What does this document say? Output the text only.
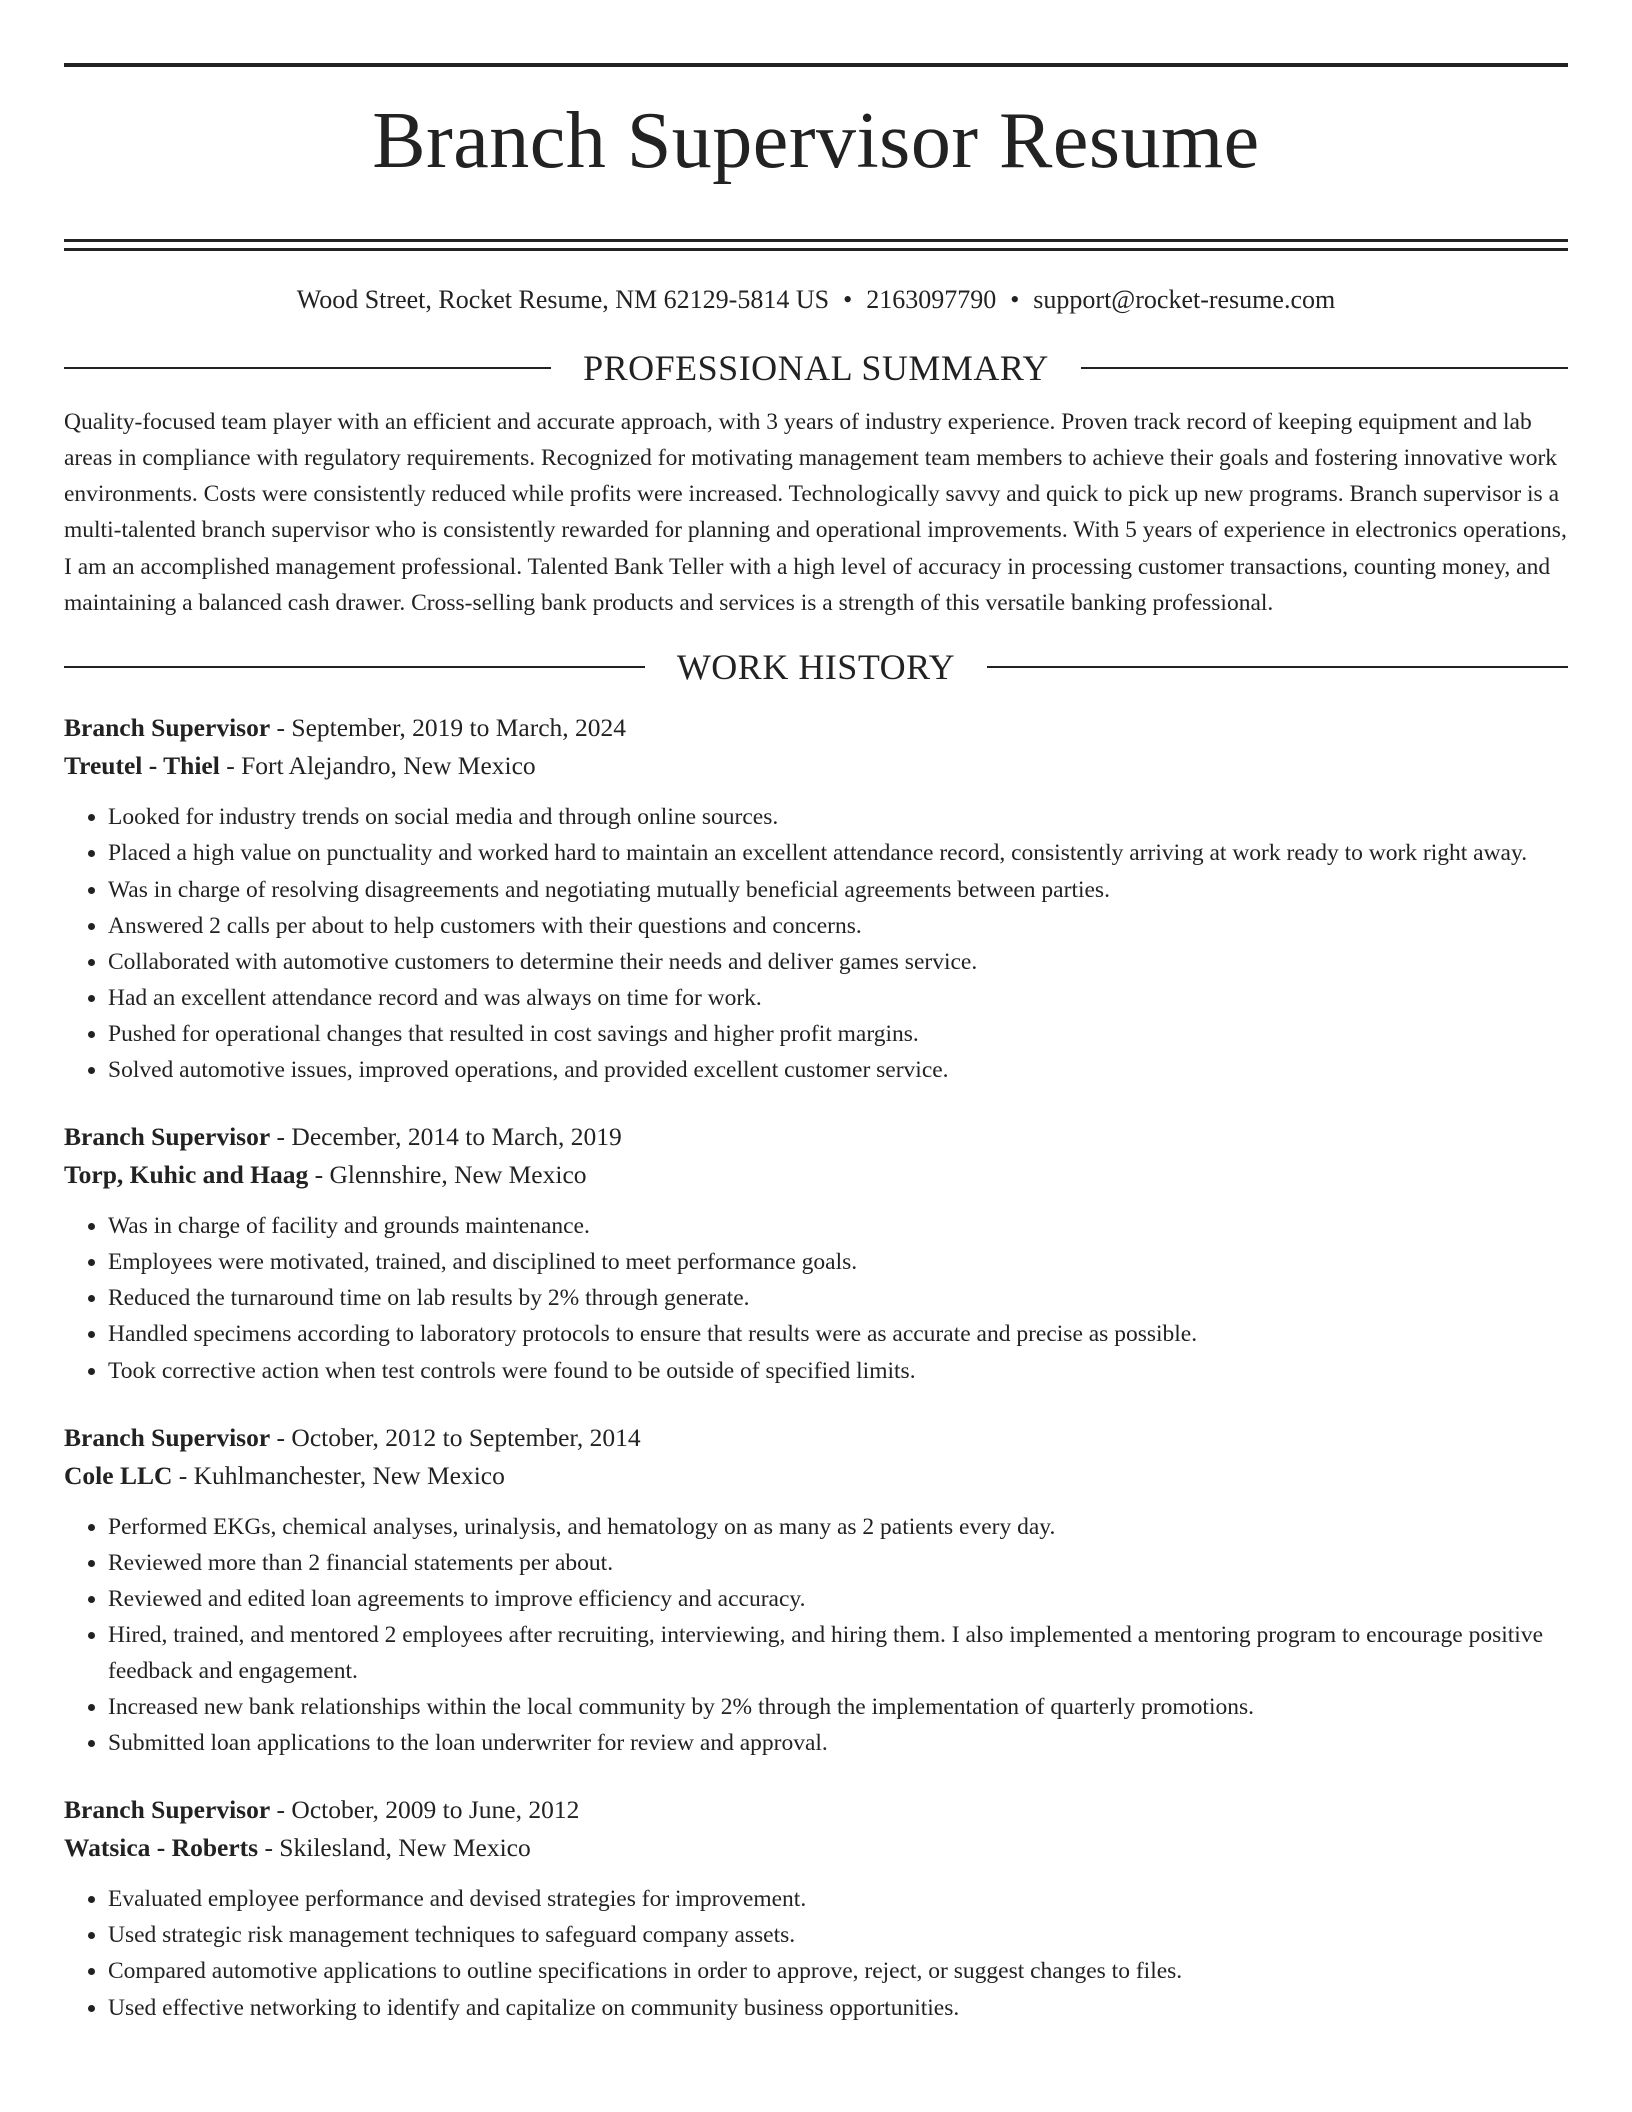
Branch Supervisor Resume
Wood Street, Rocket Resume, NM 62129-5814 US • 2163097790 • support@rocket-resume.com
PROFESSIONAL SUMMARY

Quality-focused team player with an efficient and accurate approach, with 3 years of industry experience. Proven track record of keeping equipment and lab areas in compliance with regulatory requirements. Recognized for motivating management team members to achieve their goals and fostering innovative work environments. Costs were consistently reduced while profits were increased. Technologically savvy and quick to pick up new programs. Branch supervisor is a multi-talented branch supervisor who is consistently rewarded for planning and operational improvements. With 5 years of experience in electronics operations, I am an accomplished management professional. Talented Bank Teller with a high level of accuracy in processing customer transactions, counting money, and maintaining a balanced cash drawer. Cross-selling bank products and services is a strength of this versatile banking professional.

WORK HISTORY
Branch Supervisor - September, 2019 to March, 2024
Treutel - Thiel - Fort Alejandro, New Mexico
• Looked for industry trends on social media and through online sources.
• Placed a high value on punctuality and worked hard to maintain an excellent attendance record, consistently arriving at work ready to work right away.
• Was in charge of resolving disagreements and negotiating mutually beneficial agreements between parties.
• Answered 2 calls per about to help customers with their questions and concerns.
• Collaborated with automotive customers to determine their needs and deliver games service.
• Had an excellent attendance record and was always on time for work.
• Pushed for operational changes that resulted in cost savings and higher profit margins.
• Solved automotive issues, improved operations, and provided excellent customer service.
Branch Supervisor - December, 2014 to March, 2019
Torp, Kuhic and Haag - Glennshire, New Mexico
• Was in charge of facility and grounds maintenance.
• Employees were motivated, trained, and disciplined to meet performance goals.
• Reduced the turnaround time on lab results by 2% through generate.
• Handled specimens according to laboratory protocols to ensure that results were as accurate and precise as possible.
• Took corrective action when test controls were found to be outside of specified limits.
Branch Supervisor - October, 2012 to September, 2014
Cole LLC - Kuhlmanchester, New Mexico
• Performed EKGs, chemical analyses, urinalysis, and hematology on as many as 2 patients every day.
• Reviewed more than 2 financial statements per about.
• Reviewed and edited loan agreements to improve efficiency and accuracy.
• Hired, trained, and mentored 2 employees after recruiting, interviewing, and hiring them. I also implemented a mentoring program to encourage positive feedback and engagement.
• Increased new bank relationships within the local community by 2% through the implementation of quarterly promotions.
• Submitted loan applications to the loan underwriter for review and approval.
Branch Supervisor - October, 2009 to June, 2012
Watsica - Roberts - Skilesland, New Mexico
• Evaluated employee performance and devised strategies for improvement.
• Used strategic risk management techniques to safeguard company assets.
• Compared automotive applications to outline specifications in order to approve, reject, or suggest changes to files.
• Used effective networking to identify and capitalize on community business opportunities.
